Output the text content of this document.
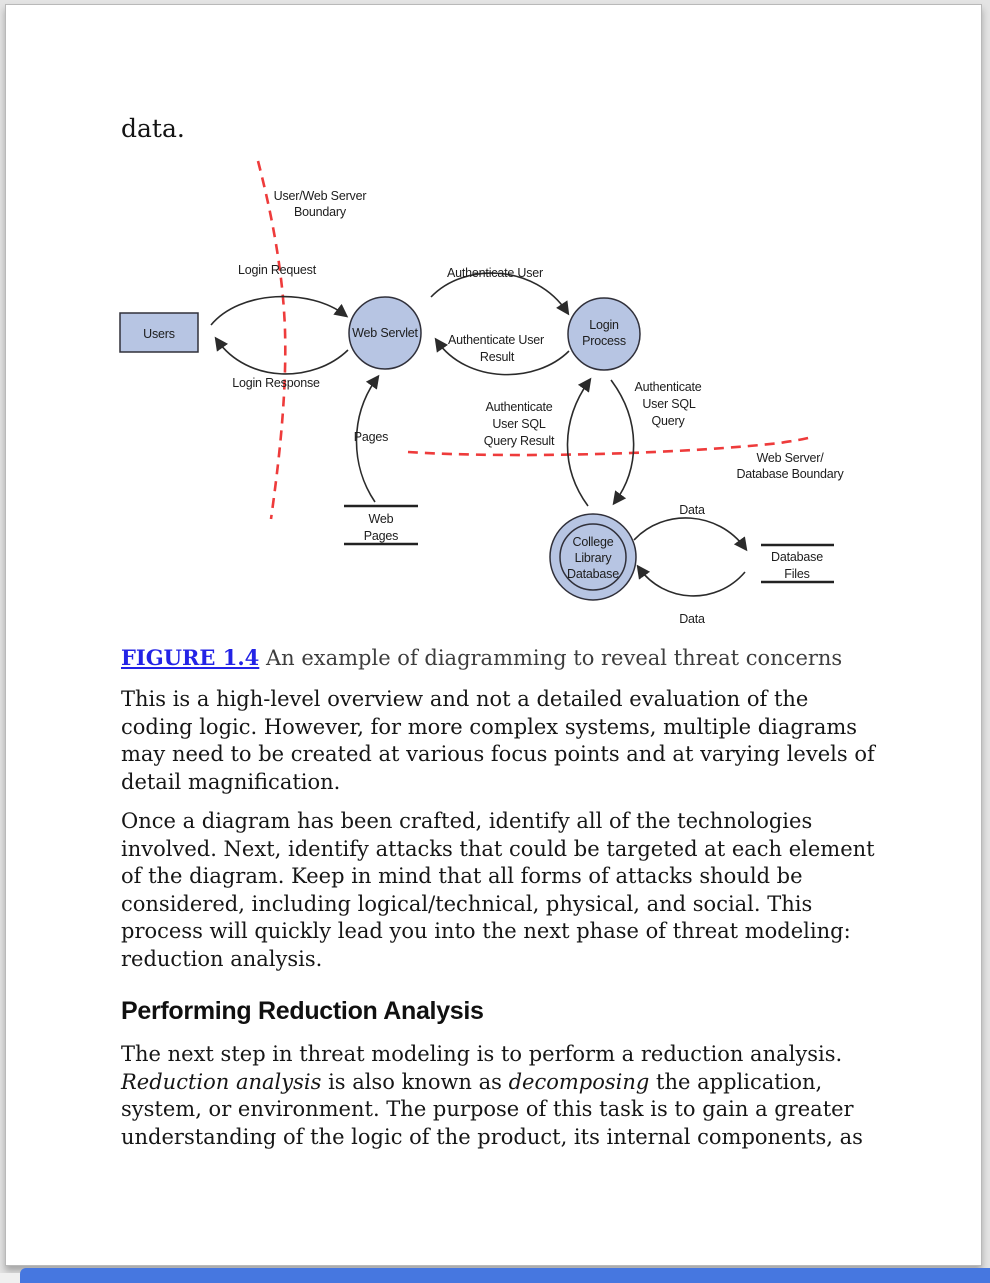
data.
Users	Web Servlet
Login
Process
College
Library
Database
Web
Pages
Database
Files
User/Web Server
Boundary
Web Server/
Database Boundary
Login Request
Login Response
Authenticate User
Authenticate User
Result
Pages
Authenticate
User SQL
Query Result
Authenticate
User SQL
Query
Data
Data
FIGURE 1.4 An example of diagramming to reveal threat concerns

This is a high-level overview and not a detailed evaluation of the coding logic. However, for more complex systems, multiple diagrams may need to be created at various focus points and at varying levels of detail magnification.

Once a diagram has been crafted, identify all of the technologies involved. Next, identify attacks that could be targeted at each element of the diagram. Keep in mind that all forms of attacks should be considered, including logical/technical, physical, and social. This process will quickly lead you into the next phase of threat modeling: reduction analysis.

Performing Reduction Analysis

The next step in threat modeling is to perform a reduction analysis. Reduction analysis is also known as decomposing the application, system, or environment. The purpose of this task is to gain a greater understanding of the logic of the product, its internal components, as
